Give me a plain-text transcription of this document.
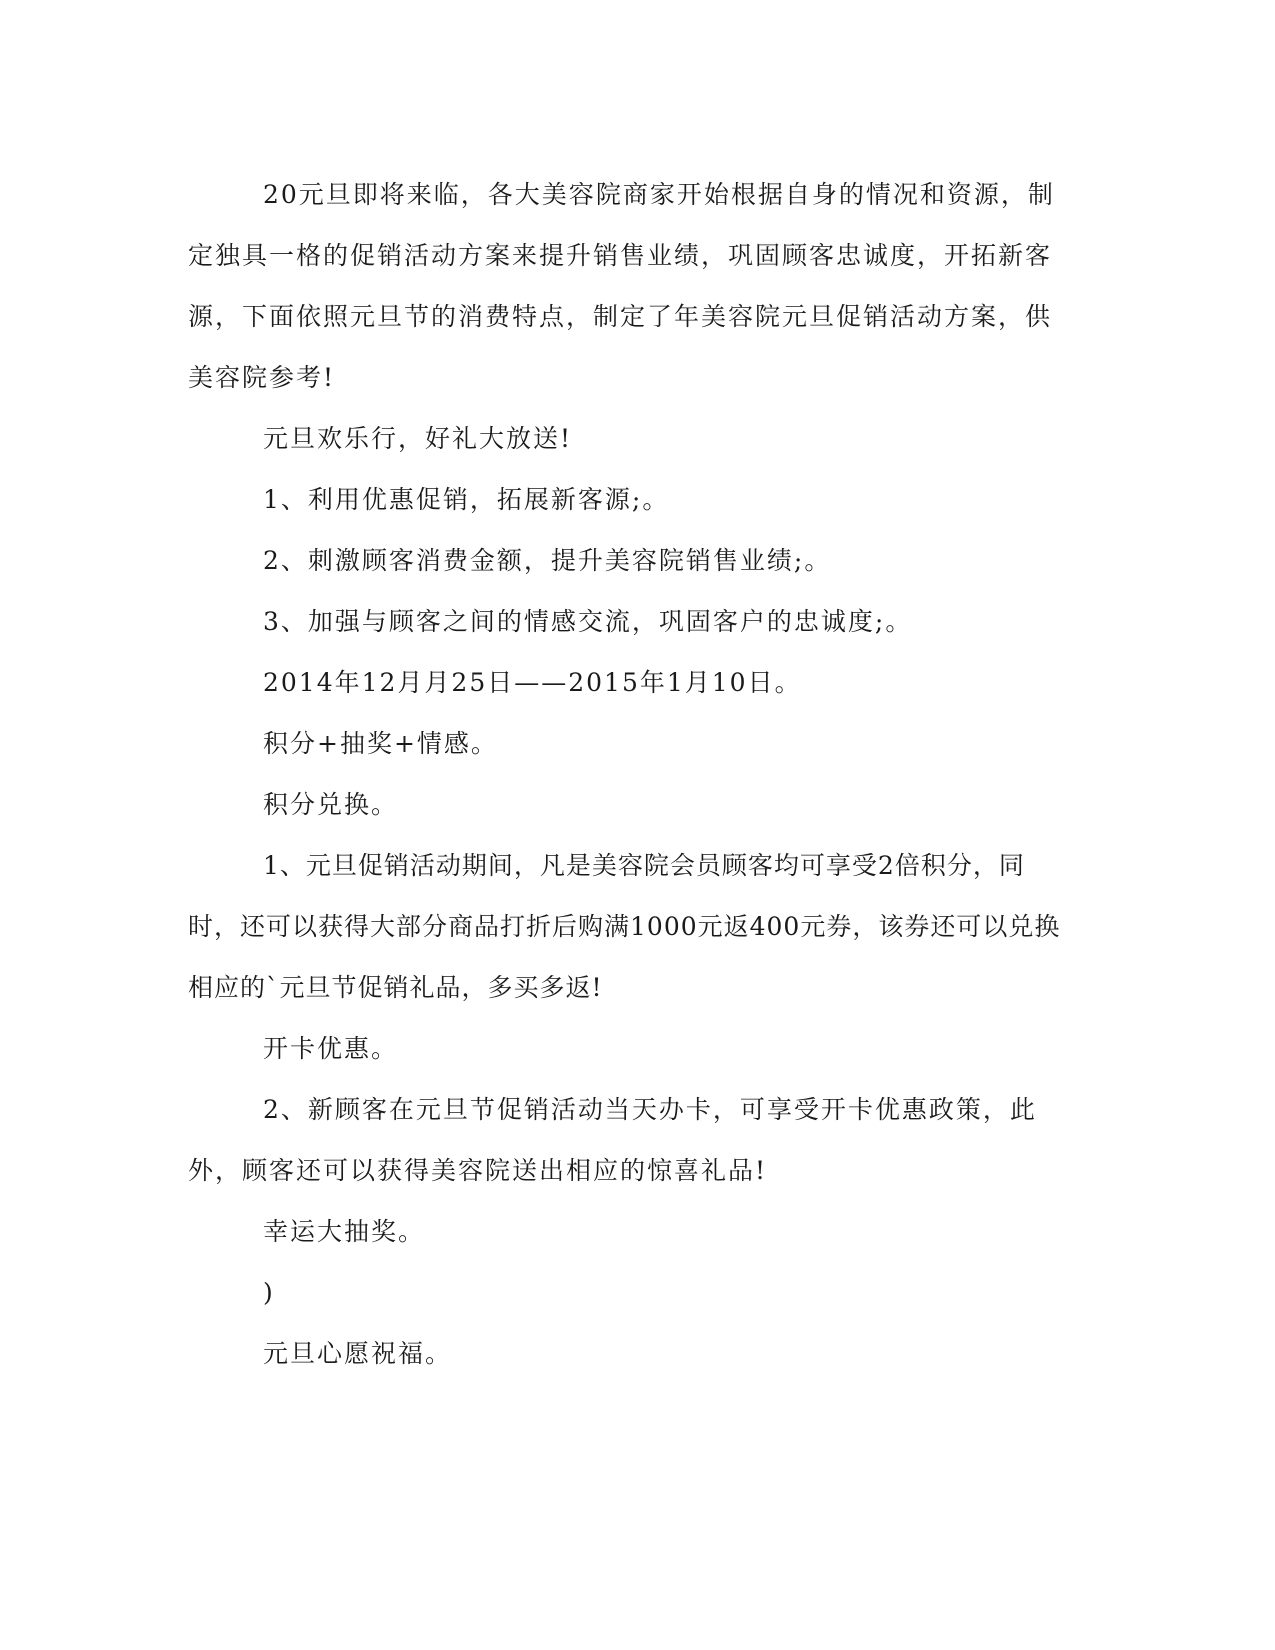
20元旦即将来临，各大美容院商家开始根据自身的情况和资源，制定独具一格的促销活动方案来提升销售业绩，巩固顾客忠诚度，开拓新客源，下面依照元旦节的消费特点，制定了年美容院元旦促销活动方案，供美容院参考!

元旦欢乐行，好礼大放送!

1、利用优惠促销，拓展新客源;。

2、刺激顾客消费金额，提升美容院销售业绩;。

3、加强与顾客之间的情感交流，巩固客户的忠诚度;。

2014年12月月25日——2015年1月10日。

积分+抽奖+情感。

积分兑换。

1、元旦促销活动期间，凡是美容院会员顾客均可享受2倍积分，同时，还可以获得大部分商品打折后购满1000元返400元券，该券还可以兑换相应的`元旦节促销礼品，多买多返!

开卡优惠。

2、新顾客在元旦节促销活动当天办卡，可享受开卡优惠政策，此外，顾客还可以获得美容院送出相应的惊喜礼品!

幸运大抽奖。

)

元旦心愿祝福。
